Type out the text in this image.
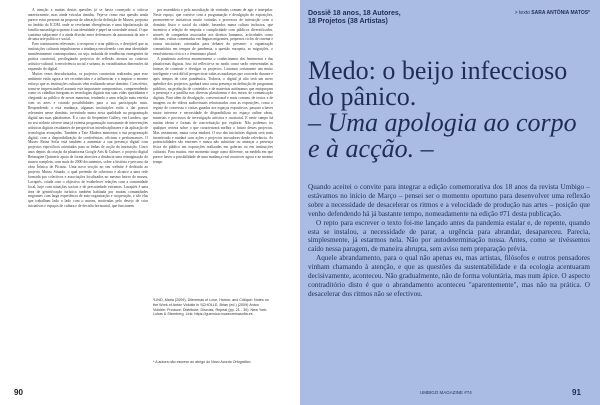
A atenção a muitas destas questões já se havia começado a colocar anteriormente, mas ainda veiculas tímidas. Veja-se como esta questão ainda parece estar presente na proposta de alteração da definição de Museu, proposta no âmbito do ICOM, onde se revelaram divergências e uma bipolarização da família museológica quanto à sua identidade e papel na sociedade actual. O que continua subjacente é a ainda divisão entre defensores da autonomia da arte e de uma arte política e social.

Para continuarem relevantes, a recuperar e criar públicos, e desejável que as instituições culturais impulsionem a mudança envolvendo com uma identidade manifestamente contemporânea, ou seja, imbuída de tendências emergentes da prática curatorial, privilegiando projectos de reflexão atentos ao contexto artístico-cultural, à envolvência social e urbana, às variadíssimas dimensões da expansão do digital.

Muitas vezes desvalorizados, os projectos curatoriais realizados para esse ambiente estão agora a ser reconhecidos e a influenciar e a inspirar o enorme esforço que as instituições culturais vêm realizando nesse domínio. Com efeito, torna-se imprescindível assumir este importante compromisso, compreendendo como os cidadãos integram as tecnologias digitais nas suas vidas quotidianas e chegando ao público de novas maneiras, tendendo a uma relação mais estreita com as artes e criando possibilidades para a sua participação mais. Respondendo a esta mudança, algumas instituições estão a dar passos relevantes nesse domínio, investindo numa nova qualidade na programação digital nas suas plataformas. É o caso da Serpentine Gallery, em Londres, que no seu website oferece uma já extensa programação consonante de intervenções artísticas digitais resultantes de perspectivas interdisciplinares e da aplicação de tecnologias avançadas. Também a Tate Modern aumentou a sua programação digital, com a disponibilização de conferências, oficinas e performances. O Museo Reina Sofia está também a aumentar a sua presença digital com projectos específicos orientados para as linhas de acção da instituição. Cinco anos depois da criação da plataforma Google Arts & Culture, o projecto digital Reimagine Quimeric apoia de forma atractiva a distância uma reimaginação do museu completa, com mais de 2000 documentos, sobre a história e percurso da obra Ícónica de Picasso. Uma nova secção no seu website é dedicada ao projecto Museo Situado, o qual pretende de cobertura e alcance a uma rede formada por colectivos e associações localizados no mesmo bairro do museu, Lavapiés, criada com o objectivo de estabelecer relações com a comunidade local, hoje com situações sociais e de precariedade extremas. Lavapiés é uma área de gentrificação turística também habitada por muitas comunidades migrantes com larga experiência de auto-organização e cooperação, e são elas que trabalham lado a lado com o museu, motivadas pelo desejo de criar iniciativas e espaços de cultura e de decisão horizontal, que funcionem

por assembleia e pela auscultação de vontades comum de agir e interpelar. Neste espaço, que convive com a programação e divulgação de exposições, promovem-se iniciativas muito variadas e processos de interacção com o domínio físico e social da cidade, baseados numa cultura inclusiva, que incentiva a relação de empatia e cumplicidade com públicos diversificados, através de campanhas associadas aos direitos humanos, actividades como oficinas, visitas comentadas em línguas migrantes, pequenos ciclos de cinema e outras iniciativas orientadas para debater do presente: a organização comunitária em tempos de pandemia, a questão europeia, as migrações, o envolvimento cívico e o feminismo plural.

A pandemia acelerou enormemente o conhecimento dos fenómenos e das plataformas digitais. Isso irá reflectir-se no modo como serão reinventadas as formas de construir e divulgar os projectos. Listamos certamente um muito inteligente e será difícil perspectivar todas as mudanças que ocorrerão durante e após tempos de crise pandémica. Todavia, o digital já não será um mero apêndice dos projectos, ganhará uma outra presença na definição de programas públicos, na produção de conteúdos e de materiais autónomos que enriqueçam a presença e a partilha nas diversas plataformas e dos meios de comunicação digitais. Para além da divulgação, convencional e mais comum, de textos e de imagens ou de vídeos audiovisuais relacionados com as exposições, como o registo de conversas e visitas guiadas aos espaços expositivos, passará a haver maior interesse e necessidade de disponibilizar no espaço online obras, materiais e processos de investigação artística e curatorial. E neste campo há muitas ideias e formas de concretização por explorar. Não podemos ter qualquer certeza sobre o que caracterizará melhor o futuro destes projectos. Mas certamente, muita coisa mudará. O uso das iniciativas digitais será mais incentivado e mudará com ações e projectos inovadores desde relevância. As potencialidades são enormes e nunca não substituir ou ameaçar a presença física do público em exposições realizadas em galerias ou em instituições culturais. Para muitos, este momento surge como diferente, na medida em que parece haver a possibilidade de uma mudança real acontecer agora e ao mesmo tempo

¹LIND, Maria (2009). Dilemmas of Love, Humor, and Critique: Notes on the Work of Anton Vidokle in SCHOLLE, Brian (ed.) (2009) Anton Vidokle: Produce, Distribute, Discuss, Repeat (pp. 21 - 30). New York: Lukas & Sternberg. Link: https://guernica.museoreinasofia.es
* A autora não escreve ao abrigo do Novo Acordo Ortográfico
90
Dossiê 18 anos, 18 Autores,
18 Projetos (38 Artistas)
> texto SARA ANTÓNIA MATOS*
Medo: o beijo infeccioso
do pânico.
– Uma apologia ao corpo
e à acção. –

Quando aceitei o convite para integrar a edição comemorativa dos 18 anos da revista Umbigo – estávamos no início de Março – pensei ser o momento oportuno para desenvolver uma reflexão sobre a necessidade de desacelerar os ritmos e a velocidade de produção nas artes – posição que venho defendendo há já bastante tempo, nomeadamente na edição #71 desta publicação.

O repto para escrever o texto foi-me lançado antes da pandemia estalar e, de repente, quando esta se instalou, a necessidade de parar, a urgência para abrandar, desapareceu. Parecia, simplesmente, já estarmos nela. Não por autodeterminação nossa. Antes, como se tivéssemos caído nessa paragem, de maneira abrupta, sem aviso nem preparação prévia.

Aquele abrandamento, para o qual não apenas eu, mas artistas, filósofos e outros pensadores vinham chamando à atenção, e que as questões da sustentabilidade e da ecologia acentuaram decisivamente, aconteceu. Não gradualmente, não de forma voluntária, mas num ápice. O aspecto contraditório disto é que o abrandamento aconteceu "aparentemente", mas não na prática. O desacelerar dos ritmos não se efectivou.

UMBIGO MAGAZINE #74	91
